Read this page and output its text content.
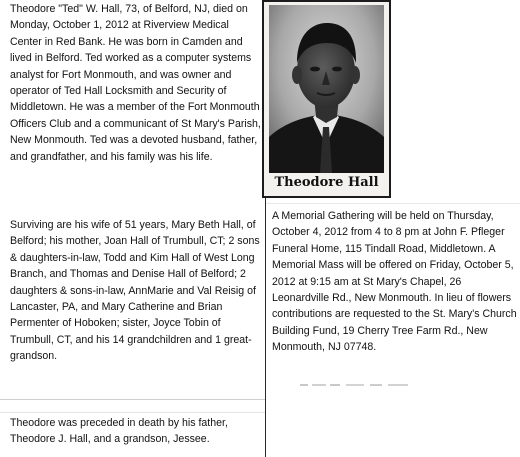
Theodore "Ted" W. Hall, 73, of Belford, NJ, died on Monday, October 1, 2012 at Riverview Medical Center in Red Bank. He was born in Camden and lived in Belford. Ted worked as a computer systems analyst for Fort Monmouth, and was owner and operator of Ted Hall Locksmith and Security of Middletown. He was a member of the Fort Monmouth Officers Club and a communicant of St Mary's Parish, New Monmouth. Ted was a devoted husband, father, and grandfather, and his family was his life.
Surviving are his wife of 51 years, Mary Beth Hall, of Belford; his mother, Joan Hall of Trumbull, CT; 2 sons & daughters-in-law, Todd and Kim Hall of West Long Branch, and Thomas and Denise Hall of Belford; 2 daughters & sons-in-law, AnnMarie and Val Reisig of Lancaster, PA, and Mary Catherine and Brian Permenter of Hoboken; sister, Joyce Tobin of Trumbull, CT, and his 14 grandchildren and 1 great-grandson.
A Memorial Gathering will be held on Thursday, October 4, 2012 from 4 to 8 pm at John F. Pfleger Funeral Home, 115 Tindall Road, Middletown. A Memorial Mass will be offered on Friday, October 5, 2012 at 9:15 am at St Mary's Chapel, 26 Leonardville Rd., New Monmouth. In lieu of flowers contributions are requested to the St. Mary's Church Building Fund, 19 Cherry Tree Farm Rd., New Monmouth, NJ 07748.
Theodore was preceded in death by his father, Theodore J. Hall, and a grandson, Jessee.
Theodore Hall
